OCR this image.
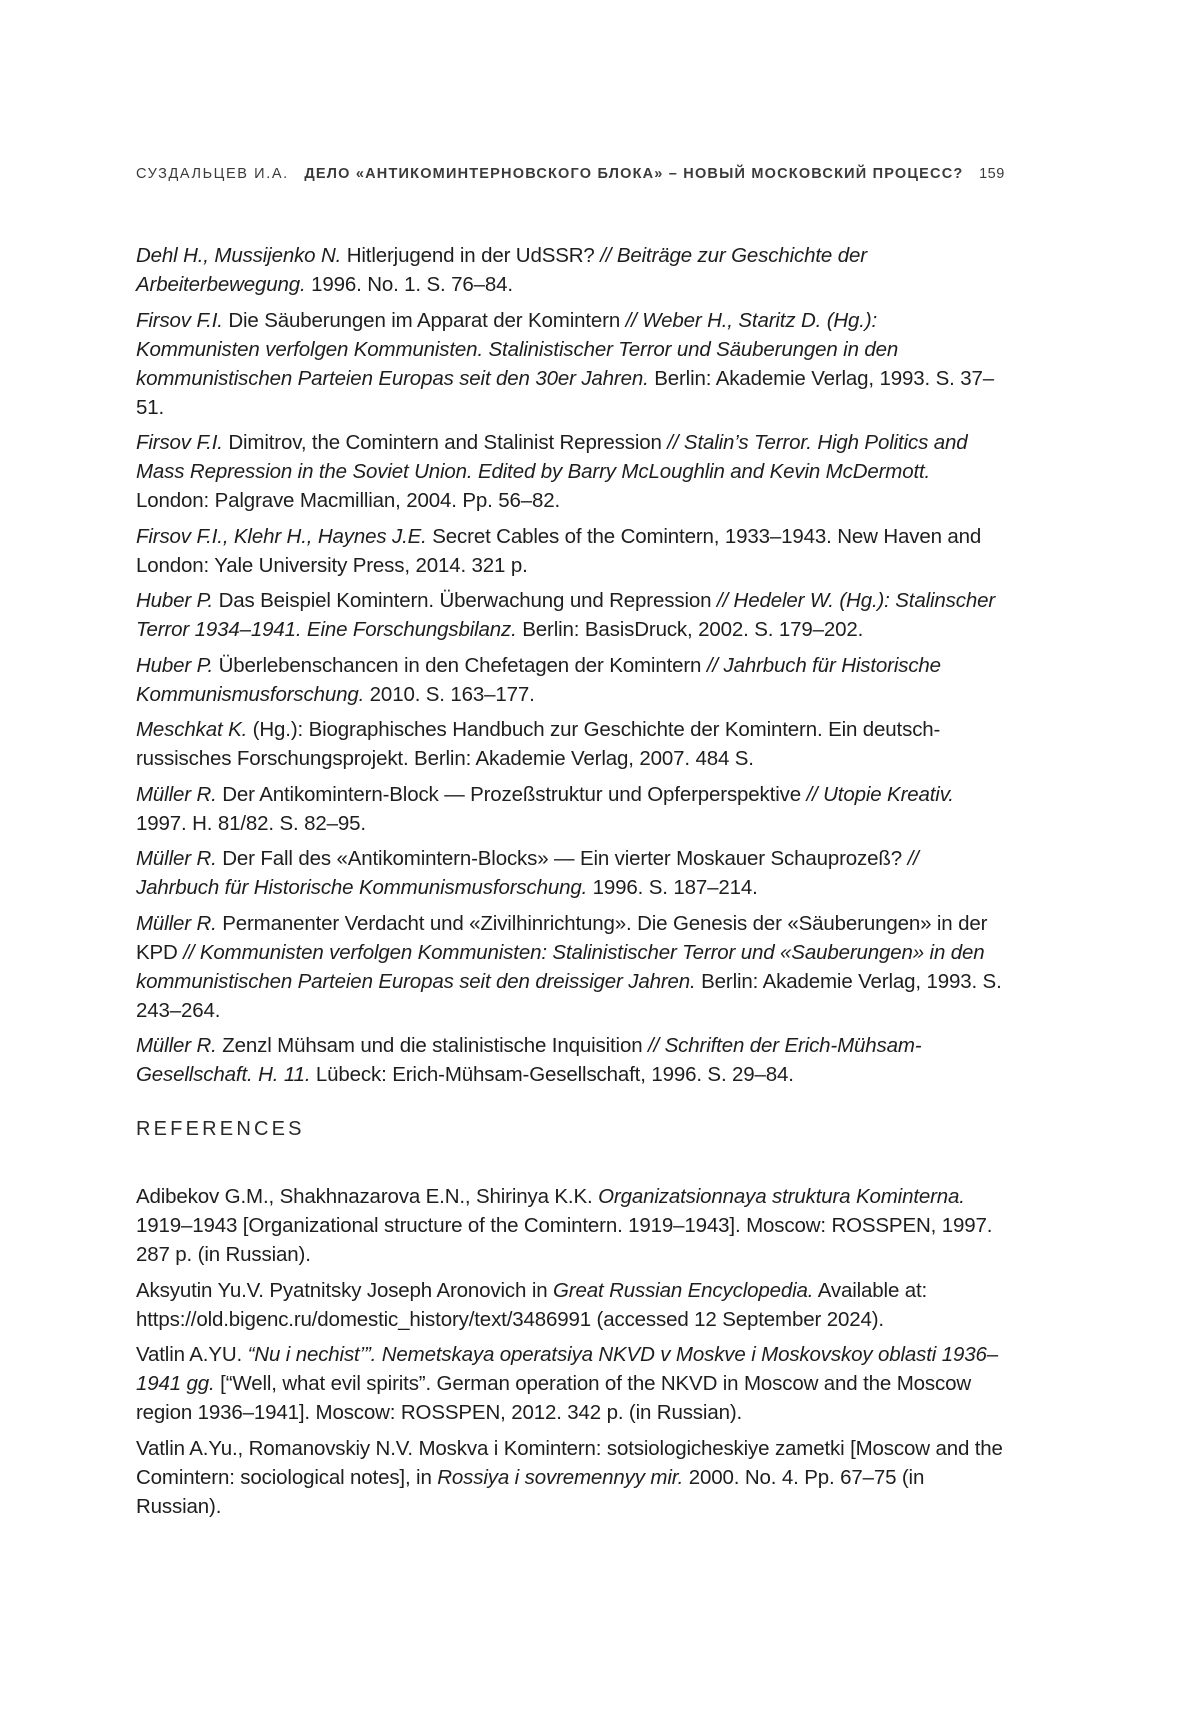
СУЗДАЛЬЦЕВ И.А. ДЕЛО «АНТИКОМИНТЕРНОВСКОГО БЛОКА» – НОВЫЙ МОСКОВСКИЙ ПРОЦЕСС? 159

Dehl H., Mussijenko N. Hitlerjugend in der UdSSR? // Beiträge zur Geschichte der Arbeiterbewegung. 1996. No. 1. S. 76–84.

Firsov F.I. Die Säuberungen im Apparat der Komintern // Weber H., Staritz D. (Hg.): Kommunisten verfolgen Kommunisten. Stalinistischer Terror und Säuberungen in den kommunistischen Parteien Europas seit den 30er Jahren. Berlin: Akademie Verlag, 1993. S. 37–51.

Firsov F.I. Dimitrov, the Comintern and Stalinist Repression // Stalin’s Terror. High Politics and Mass Repression in the Soviet Union. Edited by Barry McLoughlin and Kevin McDermott. London: Palgrave Macmillian, 2004. Pp. 56–82.

Firsov F.I., Klehr H., Haynes J.E. Secret Cables of the Comintern, 1933–1943. New Haven and London: Yale University Press, 2014. 321 p.

Huber P. Das Beispiel Komintern. Überwachung und Repression // Hedeler W. (Hg.): Stalinscher Terror 1934–1941. Eine Forschungsbilanz. Berlin: BasisDruck, 2002. S. 179–202.

Huber P. Überlebenschancen in den Chefetagen der Komintern // Jahrbuch für Historische Kommunismusforschung. 2010. S. 163–177.

Meschkat K. (Hg.): Biographisches Handbuch zur Geschichte der Komintern. Ein deutsch-russisches Forschungsprojekt. Berlin: Akademie Verlag, 2007. 484 S.

Müller R. Der Antikomintern-Block — Prozeßstruktur und Opferperspektive // Utopie Kreativ. 1997. H. 81/82. S. 82–95.

Müller R. Der Fall des «Antikomintern-Blocks» — Ein vierter Moskauer Schauprozeß? // Jahrbuch für Historische Kommunismusforschung. 1996. S. 187–214.

Müller R. Permanenter Verdacht und «Zivilhinrichtung». Die Genesis der «Säuberungen» in der KPD // Kommunisten verfolgen Kommunisten: Stalinistischer Terror und «Sauberungen» in den kommunistischen Parteien Europas seit den dreissiger Jahren. Berlin: Akademie Verlag, 1993. S. 243–264.

Müller R. Zenzl Mühsam und die stalinistische Inquisition // Schriften der Erich-Mühsam-Gesellschaft. H. 11. Lübeck: Erich-Mühsam-Gesellschaft, 1996. S. 29–84.

REFERENCES

Adibekov G.M., Shakhnazarova E.N., Shirinya K.K. Organizatsionnaya struktura Kominterna. 1919–1943 [Organizational structure of the Comintern. 1919–1943]. Moscow: ROSSPEN, 1997. 287 p. (in Russian).

Aksyutin Yu.V. Pyatnitsky Joseph Aronovich in Great Russian Encyclopedia. Available at: https://old.bigenc.ru/domestic_history/text/3486991 (accessed 12 September 2024).

Vatlin A.YU. “Nu i nechist’”. Nemetskaya operatsiya NKVD v Moskve i Moskovskoy oblasti 1936–1941 gg. [“Well, what evil spirits”. German operation of the NKVD in Moscow and the Moscow region 1936–1941]. Moscow: ROSSPEN, 2012. 342 p. (in Russian).

Vatlin A.Yu., Romanovskiy N.V. Moskva i Komintern: sotsiologicheskiye zametki [Moscow and the Comintern: sociological notes], in Rossiya i sovremennyy mir. 2000. No. 4. Pp. 67–75 (in Russian).
